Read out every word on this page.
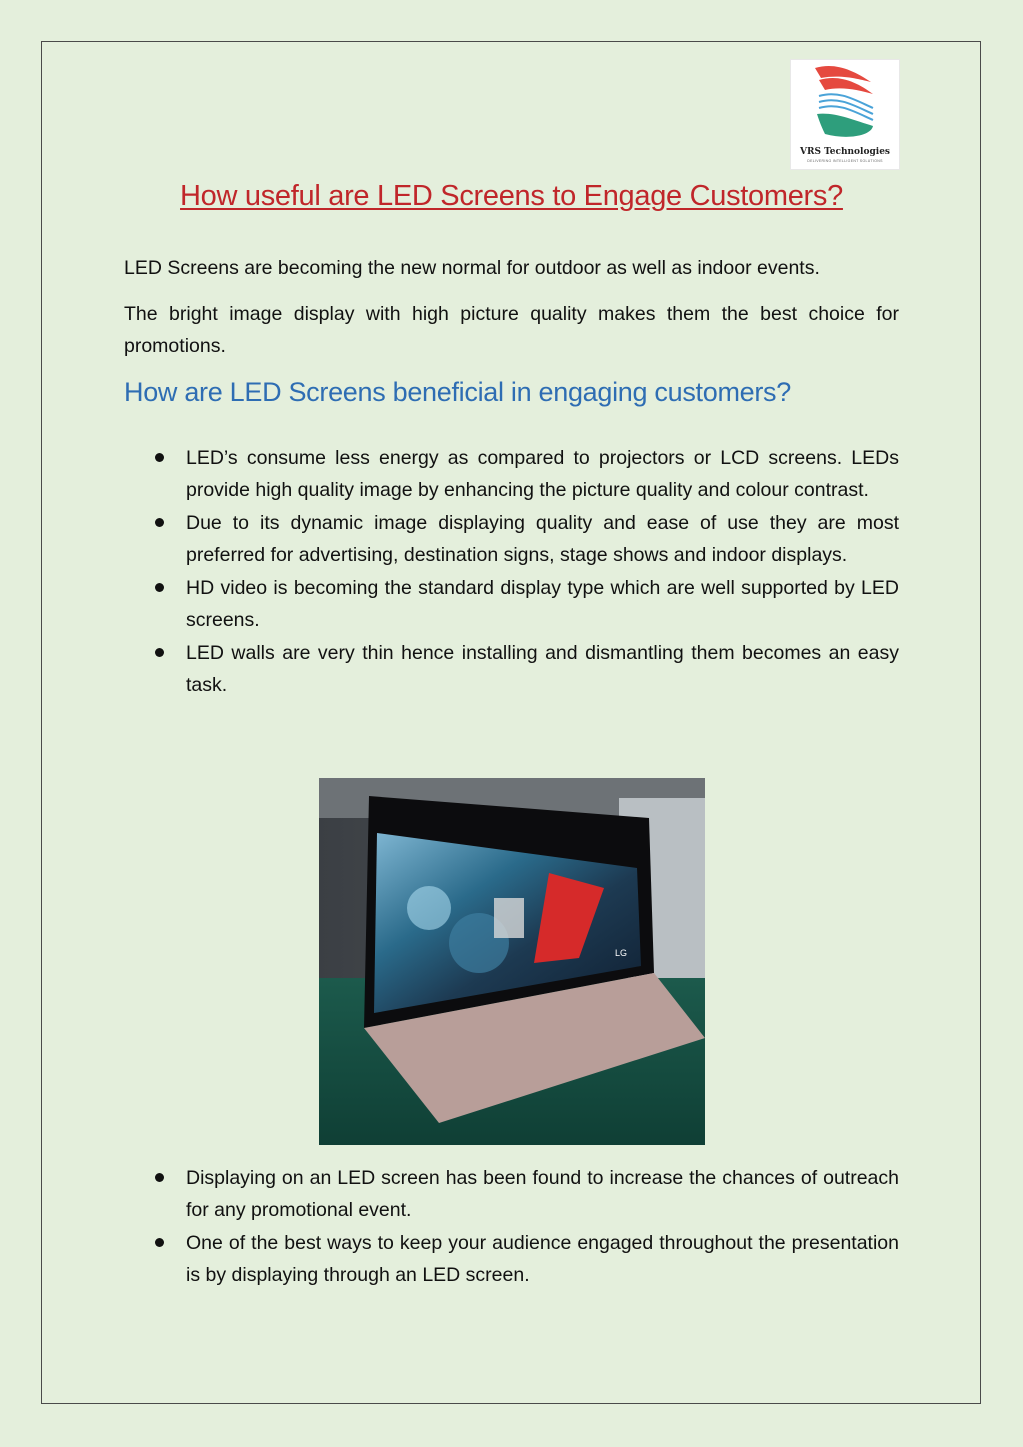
VRS Technologies
DELIVERING INTELLIGENT SOLUTIONS
How useful are LED Screens to Engage Customers?
LED Screens are becoming the new normal for outdoor as well as indoor events.
The bright image display with high picture quality makes them the best choice for promotions.
How are LED Screens beneficial in engaging customers?
LED’s consume less energy as compared to projectors or LCD screens. LEDs provide high quality image by enhancing the picture quality and colour contrast.
Due to its dynamic image displaying quality and ease of use they are most preferred for advertising, destination signs, stage shows and indoor displays.
HD video is becoming the standard display type which are well supported by LED screens.
LED walls are very thin hence installing and dismantling them becomes an easy task.
LG
Displaying on an LED screen has been found to increase the chances of outreach for any promotional event.
One of the best ways to keep your audience engaged throughout the presentation is by displaying through an LED screen.
